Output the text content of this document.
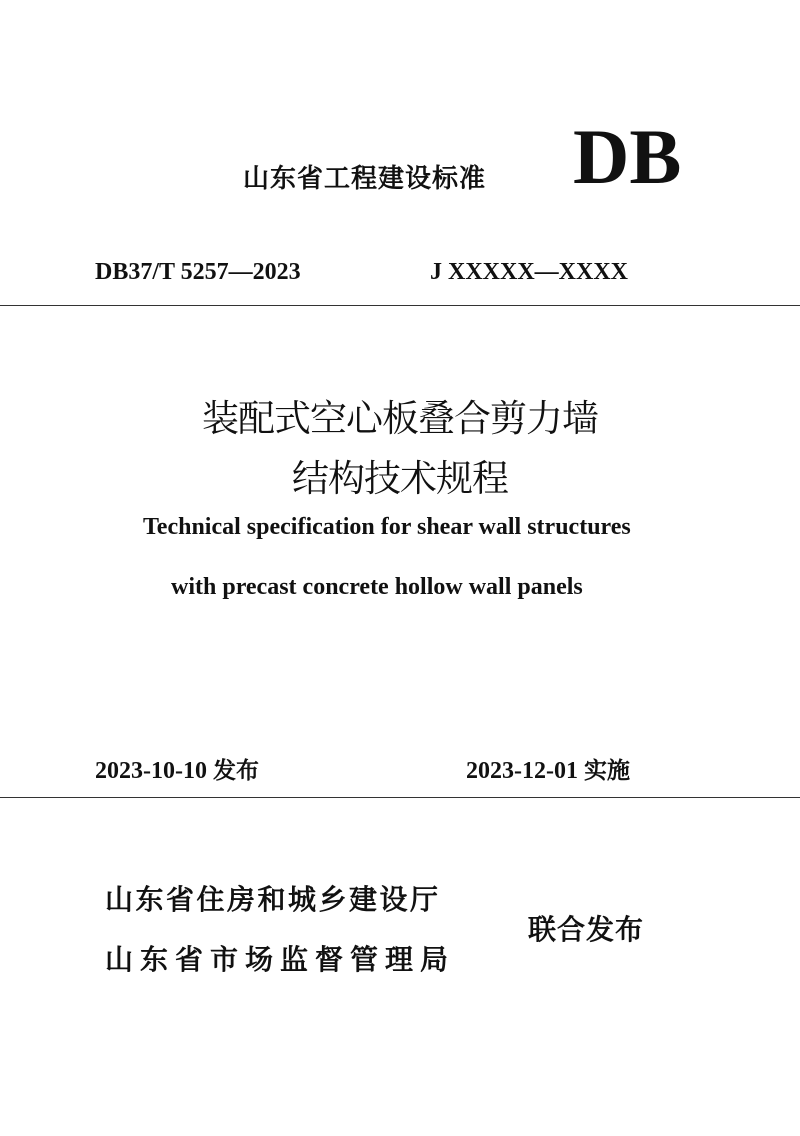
山东省工程建设标准 DB
DB37/T 5257—2023	J XXXXX—XXXX
装配式空心板叠合剪力墙
结构技术规程
Technical specification for shear wall structures
with precast concrete hollow wall panels
2023-10-10 发布	2023-12-01 实施
山东省住房和城乡建设厅
山东省市场监督管理局
联合发布
